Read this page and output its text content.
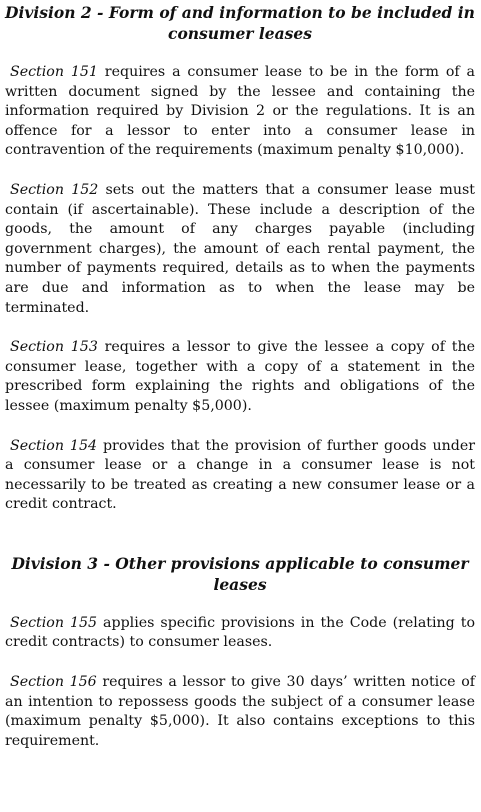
Division 2 - Form of and information to be included in consumer leases

Section 151 requires a consumer lease to be in the form of a written document signed by the lessee and containing the information required by Division 2 or the regulations. It is an offence for a lessor to enter into a consumer lease in contravention of the requirements (maximum penalty $10,000).

Section 152 sets out the matters that a consumer lease must contain (if ascertainable). These include a description of the goods, the amount of any charges payable (including government charges), the amount of each rental payment, the number of payments required, details as to when the payments are due and information as to when the lease may be terminated.

Section 153 requires a lessor to give the lessee a copy of the consumer lease, together with a copy of a statement in the prescribed form explaining the rights and obligations of the lessee (maximum penalty $5,000).

Section 154 provides that the provision of further goods under a consumer lease or a change in a consumer lease is not necessarily to be treated as creating a new consumer lease or a credit contract.

Division 3 - Other provisions applicable to consumer leases

Section 155 applies specific provisions in the Code (relating to credit contracts) to consumer leases.

Section 156 requires a lessor to give 30 days’ written notice of an intention to repossess goods the subject of a consumer lease (maximum penalty $5,000). It also contains exceptions to this requirement.
